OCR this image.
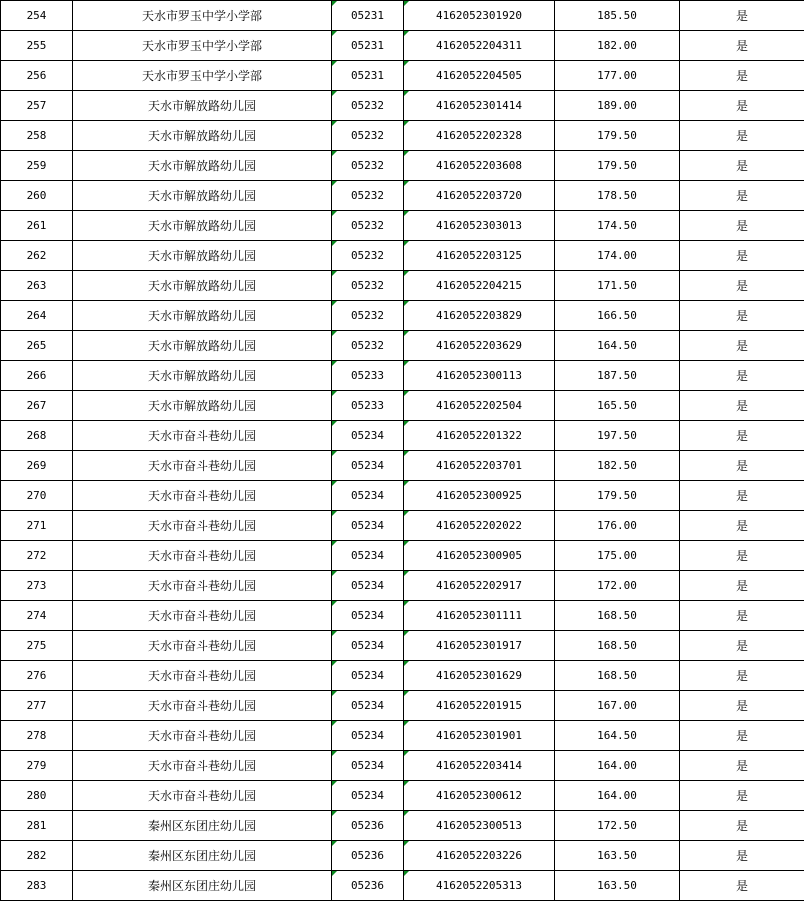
254	天水市罗玉中学小学部	05231	4162052301920	185.50	是
255	天水市罗玉中学小学部	05231	4162052204311	182.00	是
256	天水市罗玉中学小学部	05231	4162052204505	177.00	是
257	天水市解放路幼儿园	05232	4162052301414	189.00	是
258	天水市解放路幼儿园	05232	4162052202328	179.50	是
259	天水市解放路幼儿园	05232	4162052203608	179.50	是
260	天水市解放路幼儿园	05232	4162052203720	178.50	是
261	天水市解放路幼儿园	05232	4162052303013	174.50	是
262	天水市解放路幼儿园	05232	4162052203125	174.00	是
263	天水市解放路幼儿园	05232	4162052204215	171.50	是
264	天水市解放路幼儿园	05232	4162052203829	166.50	是
265	天水市解放路幼儿园	05232	4162052203629	164.50	是
266	天水市解放路幼儿园	05233	4162052300113	187.50	是
267	天水市解放路幼儿园	05233	4162052202504	165.50	是
268	天水市奋斗巷幼儿园	05234	4162052201322	197.50	是
269	天水市奋斗巷幼儿园	05234	4162052203701	182.50	是
270	天水市奋斗巷幼儿园	05234	4162052300925	179.50	是
271	天水市奋斗巷幼儿园	05234	4162052202022	176.00	是
272	天水市奋斗巷幼儿园	05234	4162052300905	175.00	是
273	天水市奋斗巷幼儿园	05234	4162052202917	172.00	是
274	天水市奋斗巷幼儿园	05234	4162052301111	168.50	是
275	天水市奋斗巷幼儿园	05234	4162052301917	168.50	是
276	天水市奋斗巷幼儿园	05234	4162052301629	168.50	是
277	天水市奋斗巷幼儿园	05234	4162052201915	167.00	是
278	天水市奋斗巷幼儿园	05234	4162052301901	164.50	是
279	天水市奋斗巷幼儿园	05234	4162052203414	164.00	是
280	天水市奋斗巷幼儿园	05234	4162052300612	164.00	是
281	秦州区东团庄幼儿园	05236	4162052300513	172.50	是
282	秦州区东团庄幼儿园	05236	4162052203226	163.50	是
283	秦州区东团庄幼儿园	05236	4162052205313	163.50	是
